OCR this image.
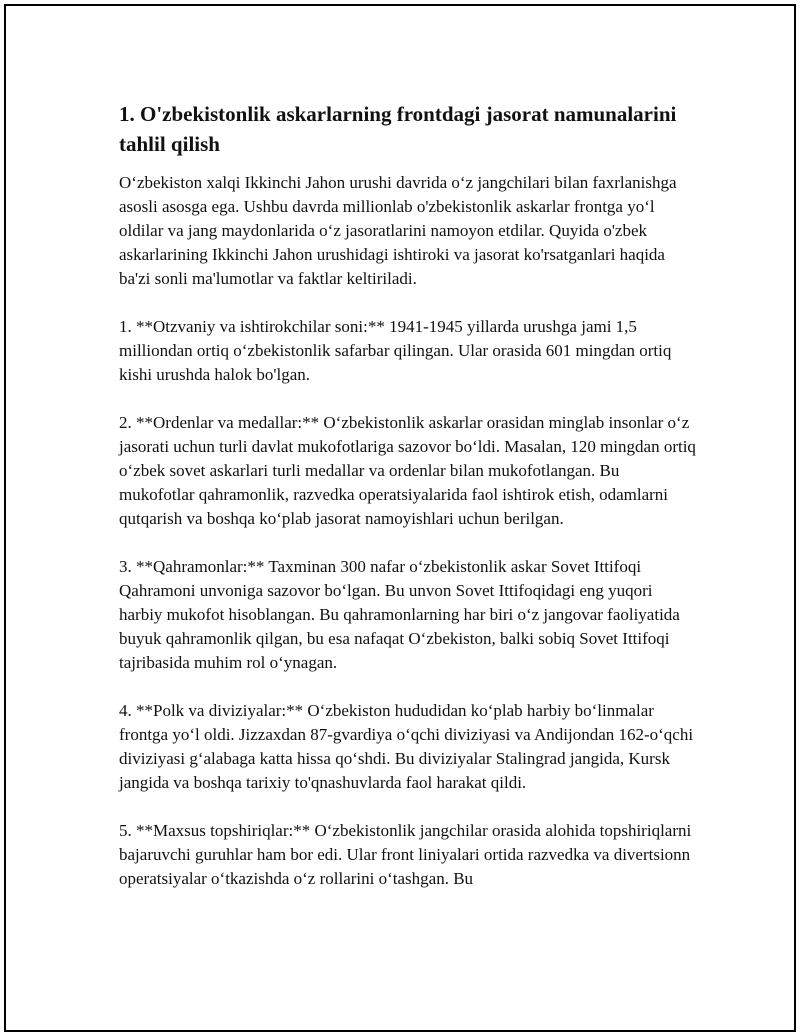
1. O'zbekistonlik askarlarning frontdagi jasorat namunalarini tahlil qilish

O‘zbekiston xalqi Ikkinchi Jahon urushi davrida o‘z jangchilari bilan faxrlanishga asosli asosga ega. Ushbu davrda millionlab o'zbekistonlik askarlar frontga yo‘l oldilar va jang maydonlarida o‘z jasoratlarini namoyon etdilar. Quyida o'zbek askarlarining Ikkinchi Jahon urushidagi ishtiroki va jasorat ko'rsatganlari haqida ba'zi sonli ma'lumotlar va faktlar keltiriladi.

1. **Otzvaniy va ishtirokchilar soni:** 1941-1945 yillarda urushga jami 1,5 milliondan ortiq o‘zbekistonlik safarbar qilingan. Ular orasida 601 mingdan ortiq kishi urushda halok bo'lgan.

2. **Ordenlar va medallar:** O‘zbekistonlik askarlar orasidan minglab insonlar o‘z jasorati uchun turli davlat mukofotlariga sazovor bo‘ldi. Masalan, 120 mingdan ortiq o‘zbek sovet askarlari turli medallar va ordenlar bilan mukofotlangan. Bu mukofotlar qahramonlik, razvedka operatsiyalarida faol ishtirok etish, odamlarni qutqarish va boshqa ko‘plab jasorat namoyishlari uchun berilgan.

3. **Qahramonlar:** Taxminan 300 nafar o‘zbekistonlik askar Sovet Ittifoqi Qahramoni unvoniga sazovor bo‘lgan. Bu unvon Sovet Ittifoqidagi eng yuqori harbiy mukofot hisoblangan. Bu qahramonlarning har biri o‘z jangovar faoliyatida buyuk qahramonlik qilgan, bu esa nafaqat O‘zbekiston, balki sobiq Sovet Ittifoqi tajribasida muhim rol o‘ynagan.

4. **Polk va diviziyalar:** O‘zbekiston hududidan ko‘plab harbiy bo‘linmalar frontga yo‘l oldi. Jizzaxdan 87-gvardiya o‘qchi diviziyasi va Andijondan 162-o‘qchi diviziyasi g‘alabaga katta hissa qo‘shdi. Bu diviziyalar Stalingrad jangida, Kursk jangida va boshqa tarixiy to'qnashuvlarda faol harakat qildi.

5. **Maxsus topshiriqlar:** O‘zbekistonlik jangchilar orasida alohida topshiriqlarni bajaruvchi guruhlar ham bor edi. Ular front liniyalari ortida razvedka va divertsionn operatsiyalar o‘tkazishda o‘z rollarini o‘tashgan. Bu
